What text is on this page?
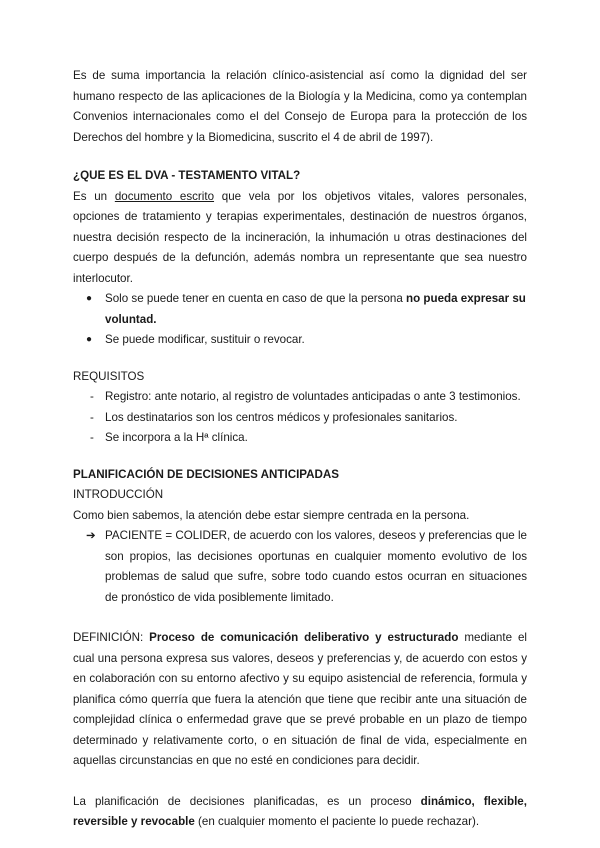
Es de suma importancia la relación clínico-asistencial así como la dignidad del ser humano respecto de las aplicaciones de la Biología y la Medicina, como ya contemplan Convenios internacionales como el del Consejo de Europa para la protección de los Derechos del hombre y la Biomedicina, suscrito el 4 de abril de 1997).

¿QUE ES EL DVA - TESTAMENTO VITAL?

Es un documento escrito que vela por los objetivos vitales, valores personales, opciones de tratamiento y terapias experimentales, destinación de nuestros órganos, nuestra decisión respecto de la incineración, la inhumación u otras destinaciones del cuerpo después de la defunción, además nombra un representante que sea nuestro interlocutor.

● Solo se puede tener en cuenta en caso de que la persona no pueda expresar su voluntad.
● Se puede modificar, sustituir o revocar.

REQUISITOS

- Registro: ante notario, al registro de voluntades anticipadas o ante 3 testimonios.
- Los destinatarios son los centros médicos y profesionales sanitarios.
- Se incorpora a la Hª clínica.

PLANIFICACIÓN DE DECISIONES ANTICIPADAS

INTRODUCCIÓN

Como bien sabemos, la atención debe estar siempre centrada en la persona.

➔ PACIENTE = COLIDER, de acuerdo con los valores, deseos y preferencias que le son propios, las decisiones oportunas en cualquier momento evolutivo de los problemas de salud que sufre, sobre todo cuando estos ocurran en situaciones de pronóstico de vida posiblemente limitado.

DEFINICIÓN: Proceso de comunicación deliberativo y estructurado mediante el cual una persona expresa sus valores, deseos y preferencias y, de acuerdo con estos y en colaboración con su entorno afectivo y su equipo asistencial de referencia, formula y planifica cómo querría que fuera la atención que tiene que recibir ante una situación de complejidad clínica o enfermedad grave que se prevé probable en un plazo de tiempo determinado y relativamente corto, o en situación de final de vida, especialmente en aquellas circunstancias en que no esté en condiciones para decidir.

La planificación de decisiones planificadas, es un proceso dinámico, flexible, reversible y revocable (en cualquier momento el paciente lo puede rechazar).
